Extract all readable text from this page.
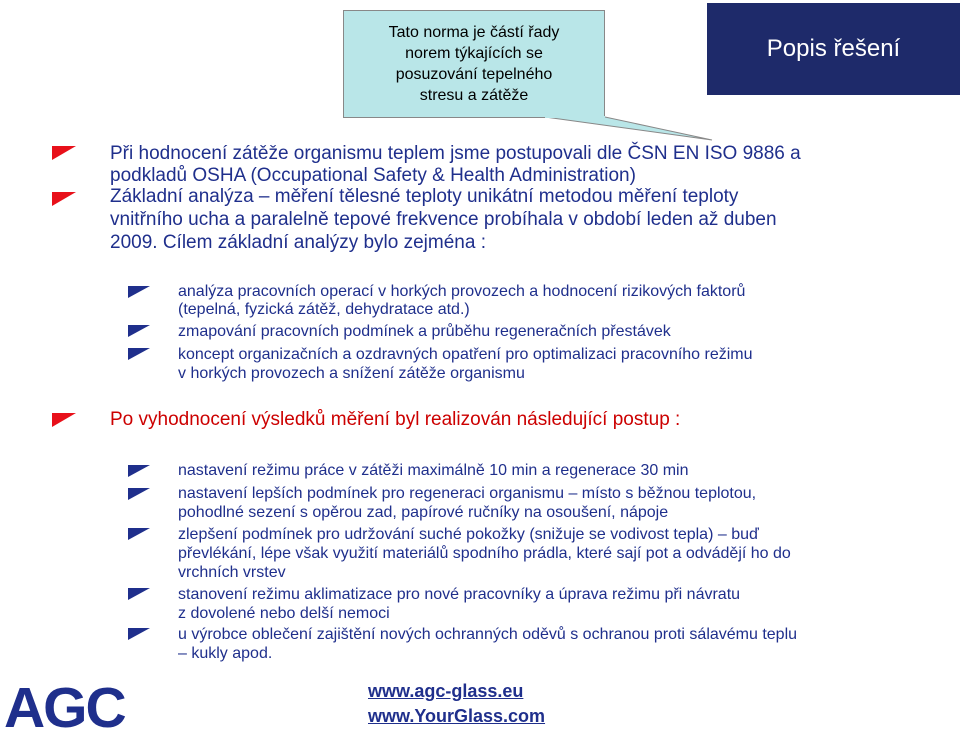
Tato norma je částí řady
norem týkajících se
posuzování tepelného
stresu a zátěže
Popis řešení

Při hodnocení zátěže organismu teplem jsme postupovali dle ČSN EN ISO 9886 a

podkladů OSHA (Occupational Safety & Health Administration)

Základní analýza – měření tělesné teploty unikátní metodou měření teploty

vnitřního ucha a paralelně tepové frekvence probíhala v období leden až duben

2009. Cílem základní analýzy bylo zejména :

analýza pracovních operací v horkých provozech a hodnocení rizikových faktorů

(tepelná, fyzická zátěž, dehydratace atd.)

zmapování pracovních podmínek a průběhu regeneračních přestávek

koncept organizačních a ozdravných opatření pro optimalizaci pracovního režimu

v horkých provozech a snížení zátěže organismu

Po vyhodnocení výsledků měření byl realizován následující postup :

nastavení režimu práce v zátěži maximálně 10 min a regenerace 30 min

nastavení lepších podmínek pro regeneraci organismu – místo s běžnou teplotou,

pohodlné sezení s opěrou zad, papírové ručníky na osoušení, nápoje

zlepšení podmínek pro udržování suché pokožky (snižuje se vodivost tepla) – buď

převlékání, lépe však využití materiálů spodního prádla, které sají pot a odvádějí ho do

vrchních vrstev

stanovení režimu aklimatizace pro nové pracovníky a úprava režimu při návratu

z dovolené nebo delší nemoci

u výrobce oblečení zajištění nových ochranných oděvů s ochranou proti sálavému teplu

– kukly apod.

AGC	www.agc-glass.eu
www.YourGlass.com
